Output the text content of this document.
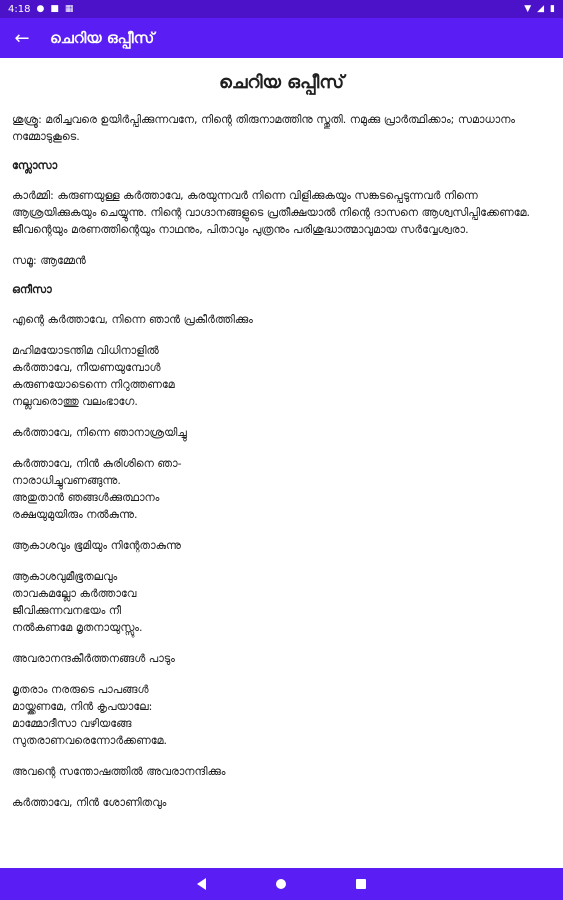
4:18 ● ■ ▦	▼ ◢ ▮
← ചെറിയ ഒപ്പീസ്
ചെറിയ ഒപ്പീസ്
ശുശ്രൂ: മരിച്ചവരെ ഉയിർപ്പിക്കുന്നവനേ, നിന്റെ തിരുനാമത്തിനു സ്തുതി. നമുക്കു പ്രാർത്ഥിക്കാം; സമാധാനം നമ്മോടുകൂടെ.
സ്ലോസാ
കാർമ്മി: കരുണയുള്ള കർത്താവേ, കരയുന്നവർ നിന്നെ വിളിക്കുകയും സങ്കടപ്പെടുന്നവർ നിന്നെ ആശ്രയിക്കുകയും ചെയ്യുന്നു. നിന്റെ വാഗ്ദാനങ്ങളുടെ പ്രതീക്ഷയാൽ നിന്റെ ദാസനെ ആശ്വസിപ്പിക്കേണമേ. ജീവന്റെയും മരണത്തിന്റെയും നാഥനും, പിതാവും പുത്രനും പരിശുദ്ധാത്മാവുമായ സർവ്വേശ്വരാ.
സമൂ: ആമ്മേൻ
ഒനീസാ
എന്റെ കർത്താവേ, നിന്നെ ഞാൻ പ്രകീർത്തിക്കും
മഹിമയോടന്തിമ വിധിനാളിൽ
കർത്താവേ, നീയണയുമ്പോൾ
കരുണയോടെന്നെ നിറുത്തണമേ
നല്ലവരൊത്തു വലംഭാഗേ.
കർത്താവേ, നിന്നെ ഞാനാശ്രയിച്ചു
കർത്താവേ, നിൻ കുരിശിനെ ഞാ-
നാരാധിച്ചുവണങ്ങുന്നു.
അതുതാൻ ഞങ്ങൾക്കുത്ഥാനം
രക്ഷയുമുയിരും നൽകുന്നു.
ആകാശവും ഭൂമിയും നിന്റേതാകുന്നു
ആകാശവുമീഭൂതലവും
താവകമല്ലോ കർത്താവേ
ജീവിക്കുന്നവനഭയം നീ
നൽകണമേ മൃതനായുസ്സും.
അവരാനന്ദകീർത്തനങ്ങൾ പാടും
മൃതരാം നരരുടെ പാപങ്ങൾ
മായ്ക്കണമേ, നിൻ കൃപയാലേ:
മാമ്മോദീസാ വഴിയങ്ങേ
സുതരാണവരെന്നോർക്കണമേ.
അവന്റെ സന്തോഷത്തിൽ അവരാനന്ദിക്കും
കർത്താവേ, നിൻ ശോണിതവും
